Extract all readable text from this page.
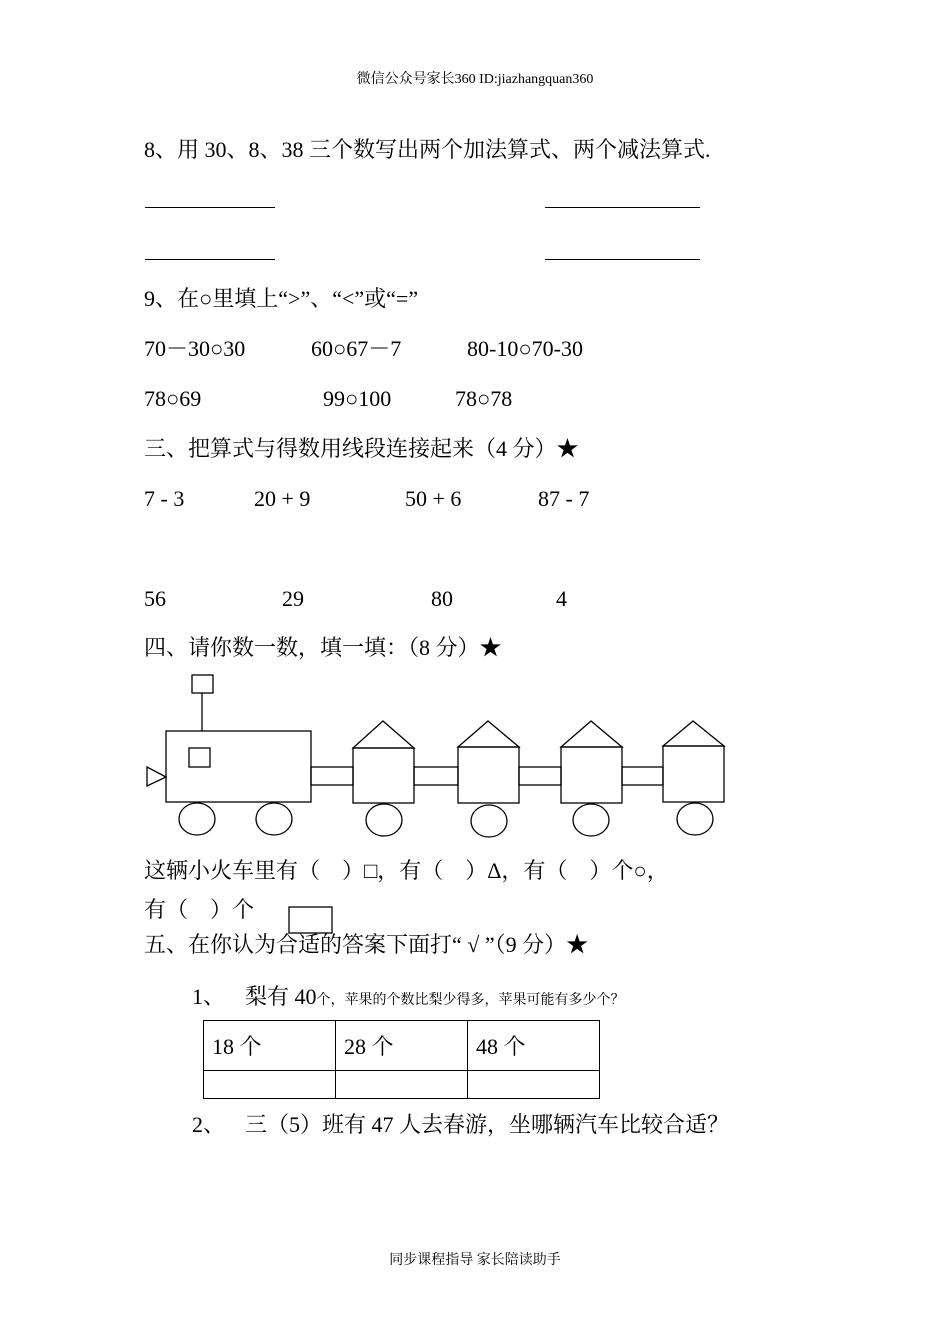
微信公众号家长360 ID:jiazhangquan360
8、用 30、8、38 三个数写出两个加法算式、两个减法算式.
9、在○里填上“>”、“<”或“=”
70－30○30	60○67－7	80-10○70-30
78○69	99○100	78○78
三、把算式与得数用线段连接起来（4 分）★
7 - 3	20 + 9	50 + 6	87 - 7
56	29	80	4
四、请你数一数，填一填：（8 分）★
这辆小火车里有（　）□，有（　）Δ，有（　）个○，
有（　）个
五、在你认为合适的答案下面打“ √ ”（9 分）★
1、 梨有 40个，苹果的个数比梨少得多，苹果可能有多少个？
18 个	28 个	48 个

2、 三（5）班有 47 人去春游，坐哪辆汽车比较合适？
同步课程指导 家长陪读助手
